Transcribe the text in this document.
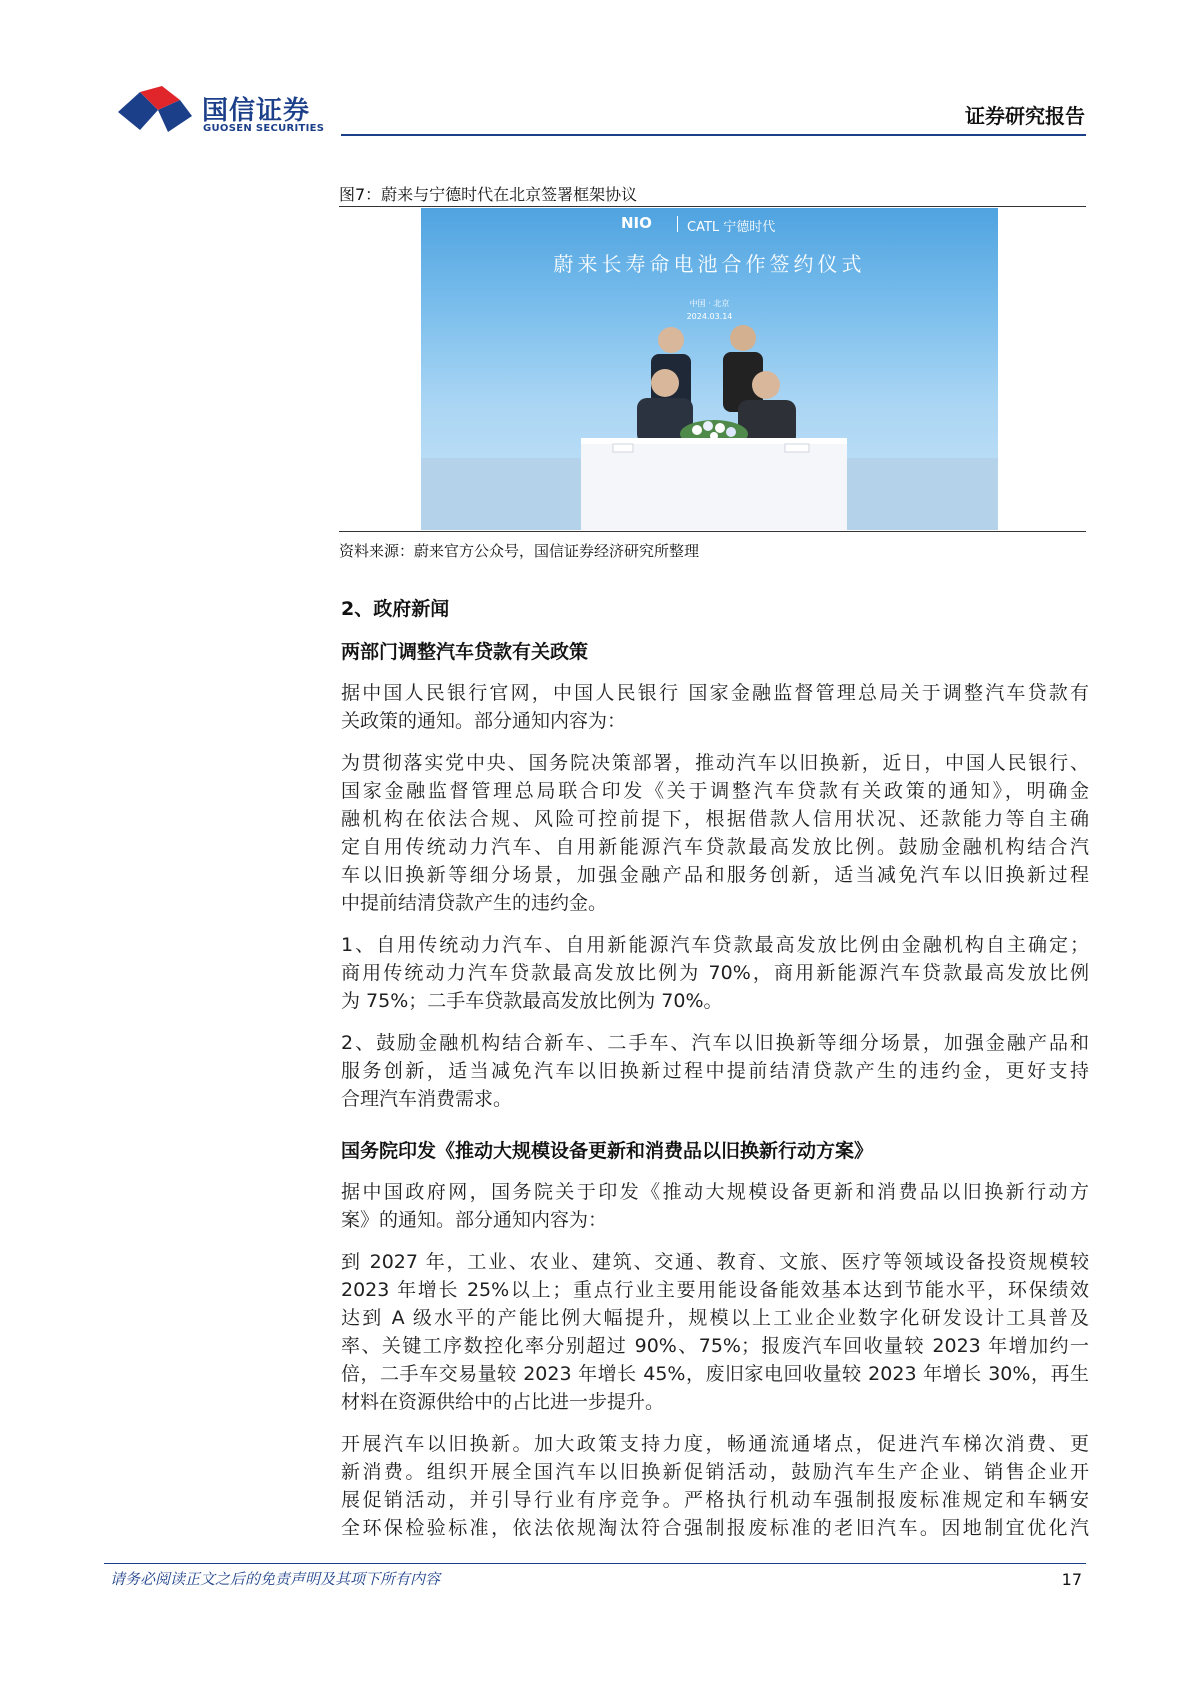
国信证券
GUOSEN SECURITIES
证券研究报告
图7：蔚来与宁德时代在北京签署框架协议
NIO	CATL 宁德时代
蔚来长寿命电池合作签约仪式
中国 · 北京
2024.03.14
资料来源：蔚来官方公众号，国信证券经济研究所整理
2、政府新闻
两部门调整汽车贷款有关政策
据中国人民银行官网，中国人民银行 国家金融监督管理总局关于调整汽车贷款有
关政策的通知。部分通知内容为：
为贯彻落实党中央、国务院决策部署，推动汽车以旧换新，近日，中国人民银行、
国家金融监督管理总局联合印发《关于调整汽车贷款有关政策的通知》，明确金
融机构在依法合规、风险可控前提下，根据借款人信用状况、还款能力等自主确
定自用传统动力汽车、自用新能源汽车贷款最高发放比例。鼓励金融机构结合汽
车以旧换新等细分场景，加强金融产品和服务创新，适当减免汽车以旧换新过程
中提前结清贷款产生的违约金。
1、自用传统动力汽车、自用新能源汽车贷款最高发放比例由金融机构自主确定；
商用传统动力汽车贷款最高发放比例为 70%，商用新能源汽车贷款最高发放比例
为 75%；二手车贷款最高发放比例为 70%。
2、鼓励金融机构结合新车、二手车、汽车以旧换新等细分场景，加强金融产品和
服务创新，适当减免汽车以旧换新过程中提前结清贷款产生的违约金，更好支持
合理汽车消费需求。
国务院印发《推动大规模设备更新和消费品以旧换新行动方案》
据中国政府网，国务院关于印发《推动大规模设备更新和消费品以旧换新行动方
案》的通知。部分通知内容为：
到 2027 年，工业、农业、建筑、交通、教育、文旅、医疗等领域设备投资规模较
2023 年增长 25%以上；重点行业主要用能设备能效基本达到节能水平，环保绩效
达到 A 级水平的产能比例大幅提升，规模以上工业企业数字化研发设计工具普及
率、关键工序数控化率分别超过 90%、75%；报废汽车回收量较 2023 年增加约一
倍，二手车交易量较 2023 年增长 45%，废旧家电回收量较 2023 年增长 30%，再生
材料在资源供给中的占比进一步提升。
开展汽车以旧换新。加大政策支持力度，畅通流通堵点，促进汽车梯次消费、更
新消费。组织开展全国汽车以旧换新促销活动，鼓励汽车生产企业、销售企业开
展促销活动，并引导行业有序竞争。严格执行机动车强制报废标准规定和车辆安
全环保检验标准，依法依规淘汰符合强制报废标准的老旧汽车。因地制宜优化汽
请务必阅读正文之后的免责声明及其项下所有内容	17
